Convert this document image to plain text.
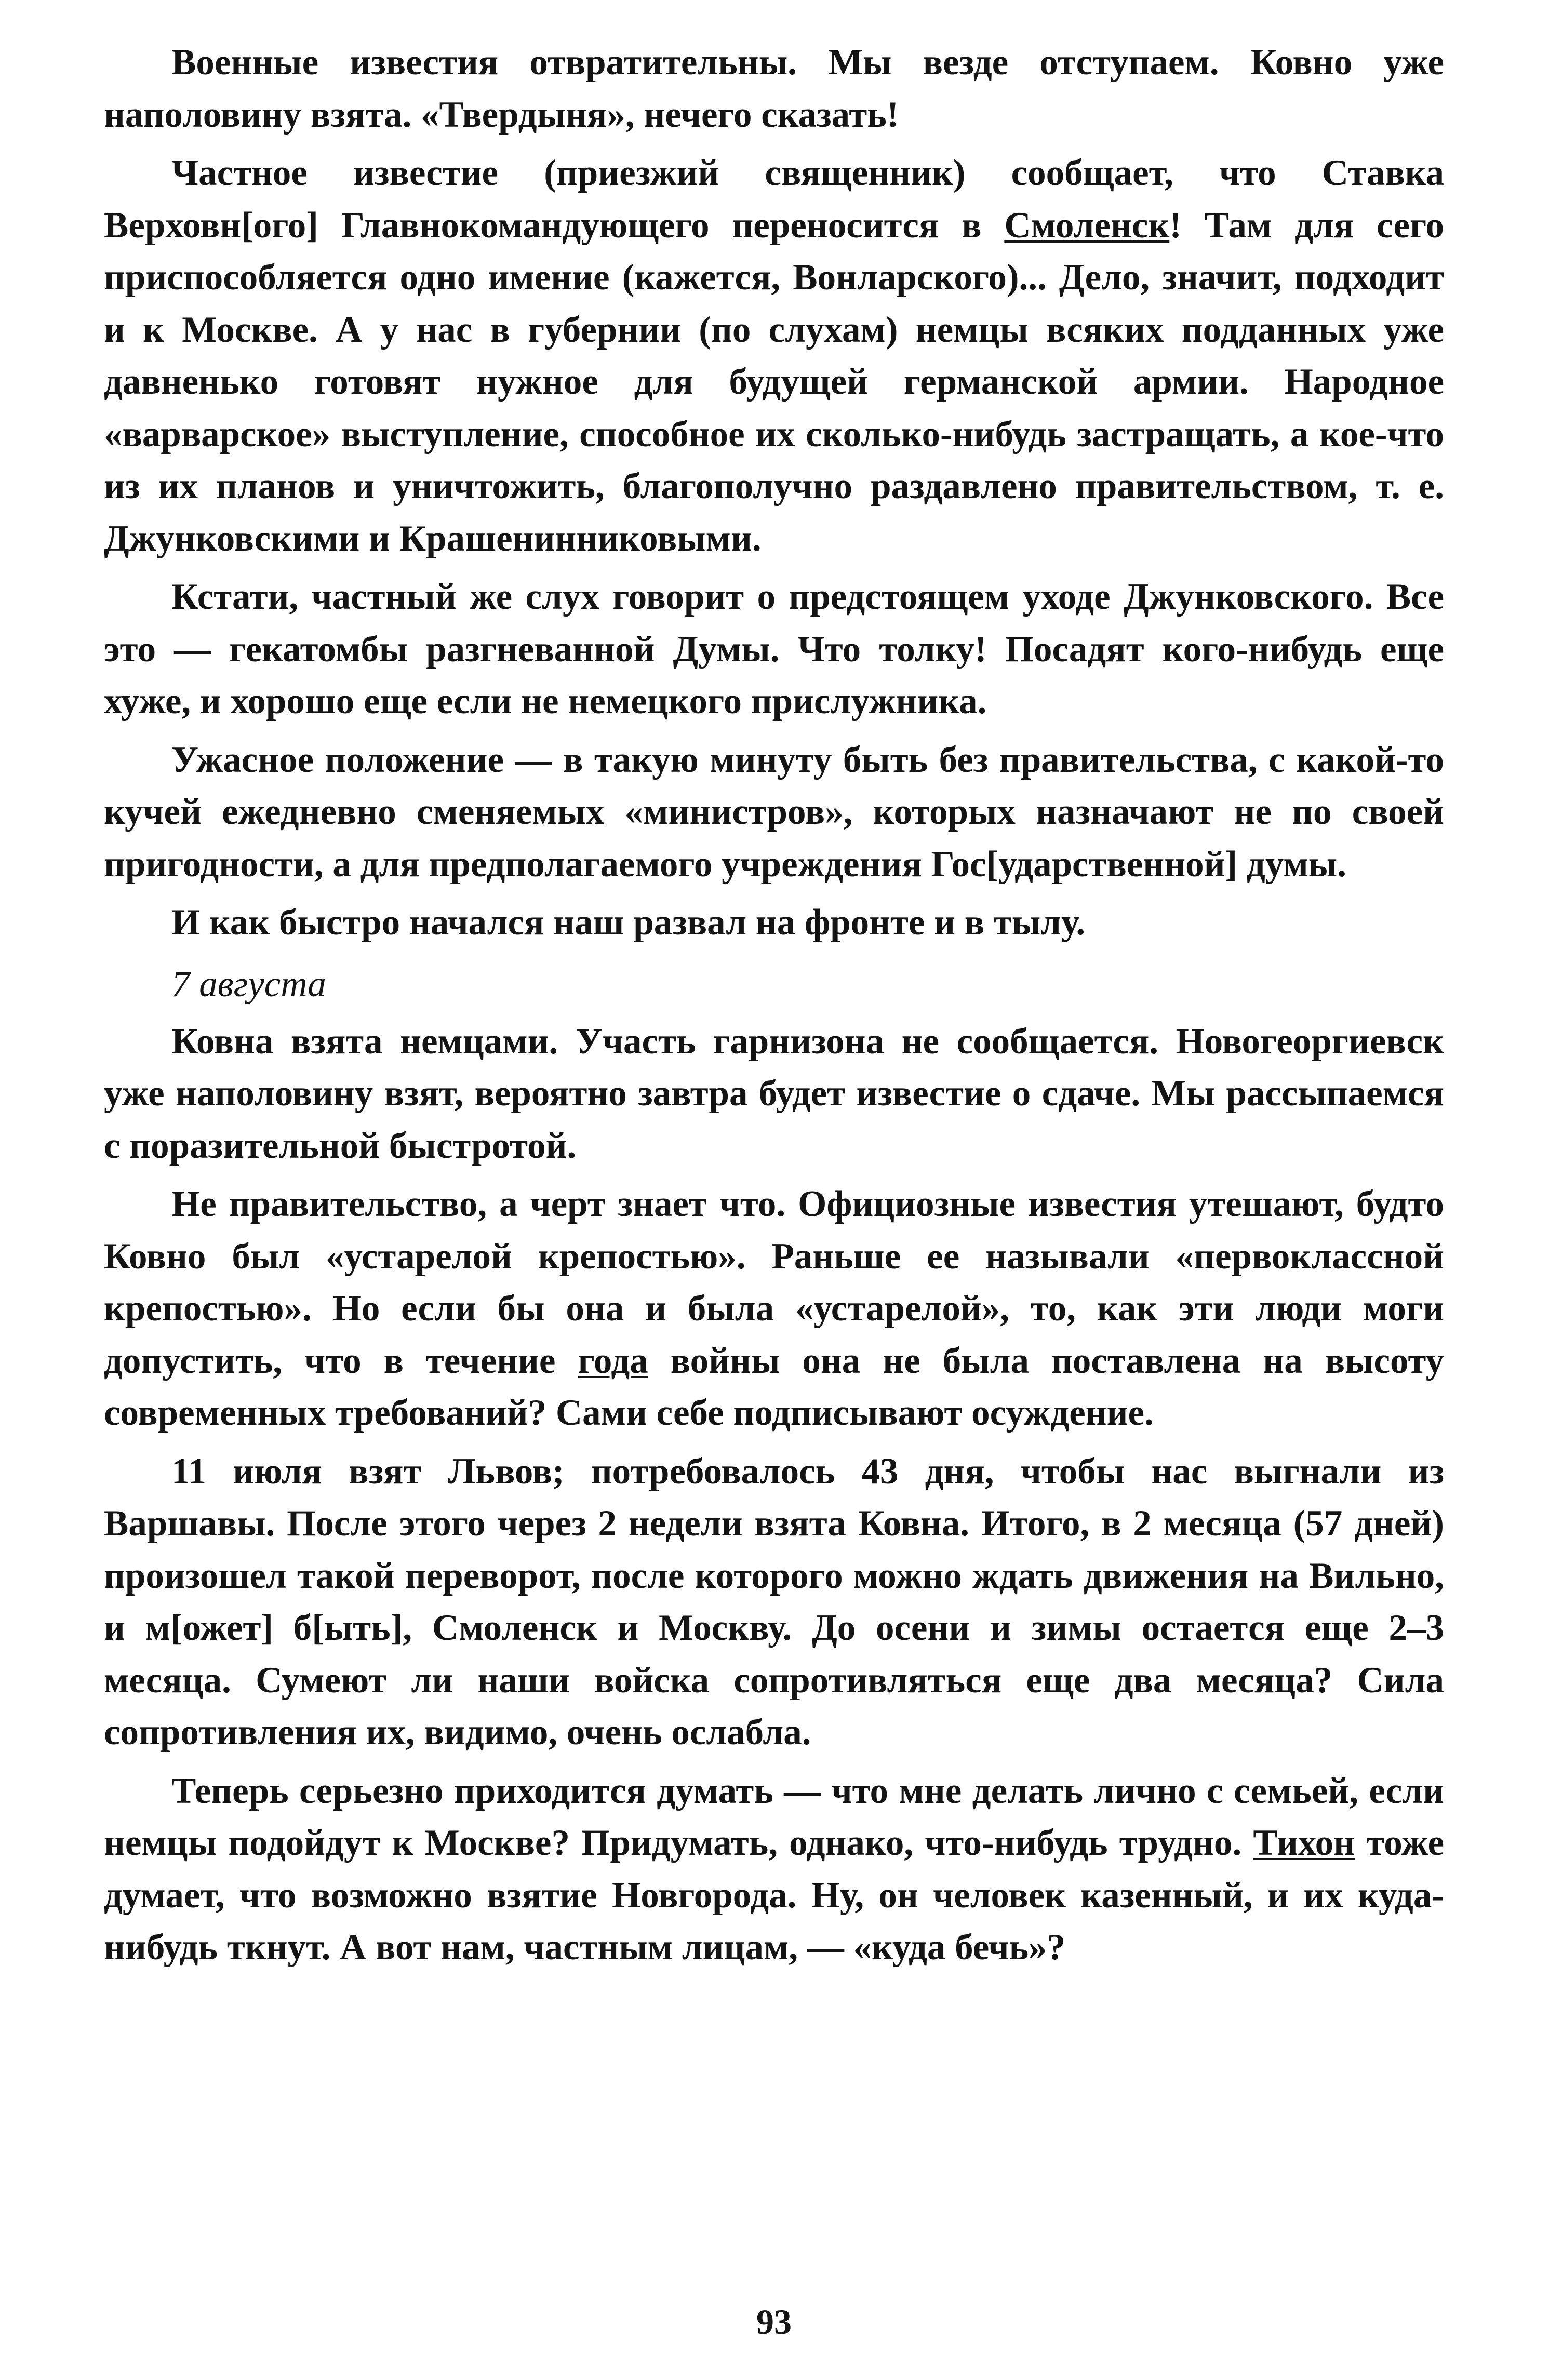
Военные известия отвратительны. Мы везде отступаем. Ковно уже наполовину взята. «Твердыня», нечего сказать!

Частное известие (приезжий священник) сообщает, что Ставка Верховн[ого] Главнокомандующего переносится в Смоленск! Там для сего приспособляется одно имение (кажется, Вонларского)... Дело, значит, подходит и к Москве. А у нас в губернии (по слухам) немцы всяких подданных уже давненько готовят нужное для будущей германской армии. Народное «варварское» выступление, способное их сколько-нибудь застращать, а кое-что из их планов и уничтожить, благополучно раздавлено правительством, т. е. Джунковскими и Крашенинниковыми.

Кстати, частный же слух говорит о предстоящем уходе Джунковского. Все это — гекатомбы разгневанной Думы. Что толку! Посадят кого-нибудь еще хуже, и хорошо еще если не немецкого прислужника.

Ужасное положение — в такую минуту быть без правительства, с какой-то кучей ежедневно сменяемых «министров», которых назначают не по своей пригодности, а для предполагаемого учреждения Гос[ударственной] думы.

И как быстро начался наш развал на фронте и в тылу.

7 августа

Ковна взята немцами. Участь гарнизона не сообщается. Новогеоргиевск уже наполовину взят, вероятно завтра будет известие о сдаче. Мы рассыпаемся с поразительной быстротой.

Не правительство, а черт знает что. Официозные известия утешают, будто Ковно был «устарелой крепостью». Раньше ее называли «первоклассной крепостью». Но если бы она и была «устарелой», то, как эти люди моги допустить, что в течение года войны она не была поставлена на высоту современных требований? Сами себе подписывают осуждение.

11 июля взят Львов; потребовалось 43 дня, чтобы нас выгнали из Варшавы. После этого через 2 недели взята Ковна. Итого, в 2 месяца (57 дней) произошел такой переворот, после которого можно ждать движения на Вильно, и м[ожет] б[ыть], Смоленск и Москву. До осени и зимы остается еще 2–3 месяца. Сумеют ли наши войска сопротивляться еще два месяца? Сила сопротивления их, видимо, очень ослабла.

Теперь серьезно приходится думать — что мне делать лично с семьей, если немцы подойдут к Москве? Придумать, однако, что-нибудь трудно. Тихон тоже думает, что возможно взятие Новгорода. Ну, он человек казенный, и их куда-нибудь ткнут. А вот нам, частным лицам, — «куда бечь»?

93
